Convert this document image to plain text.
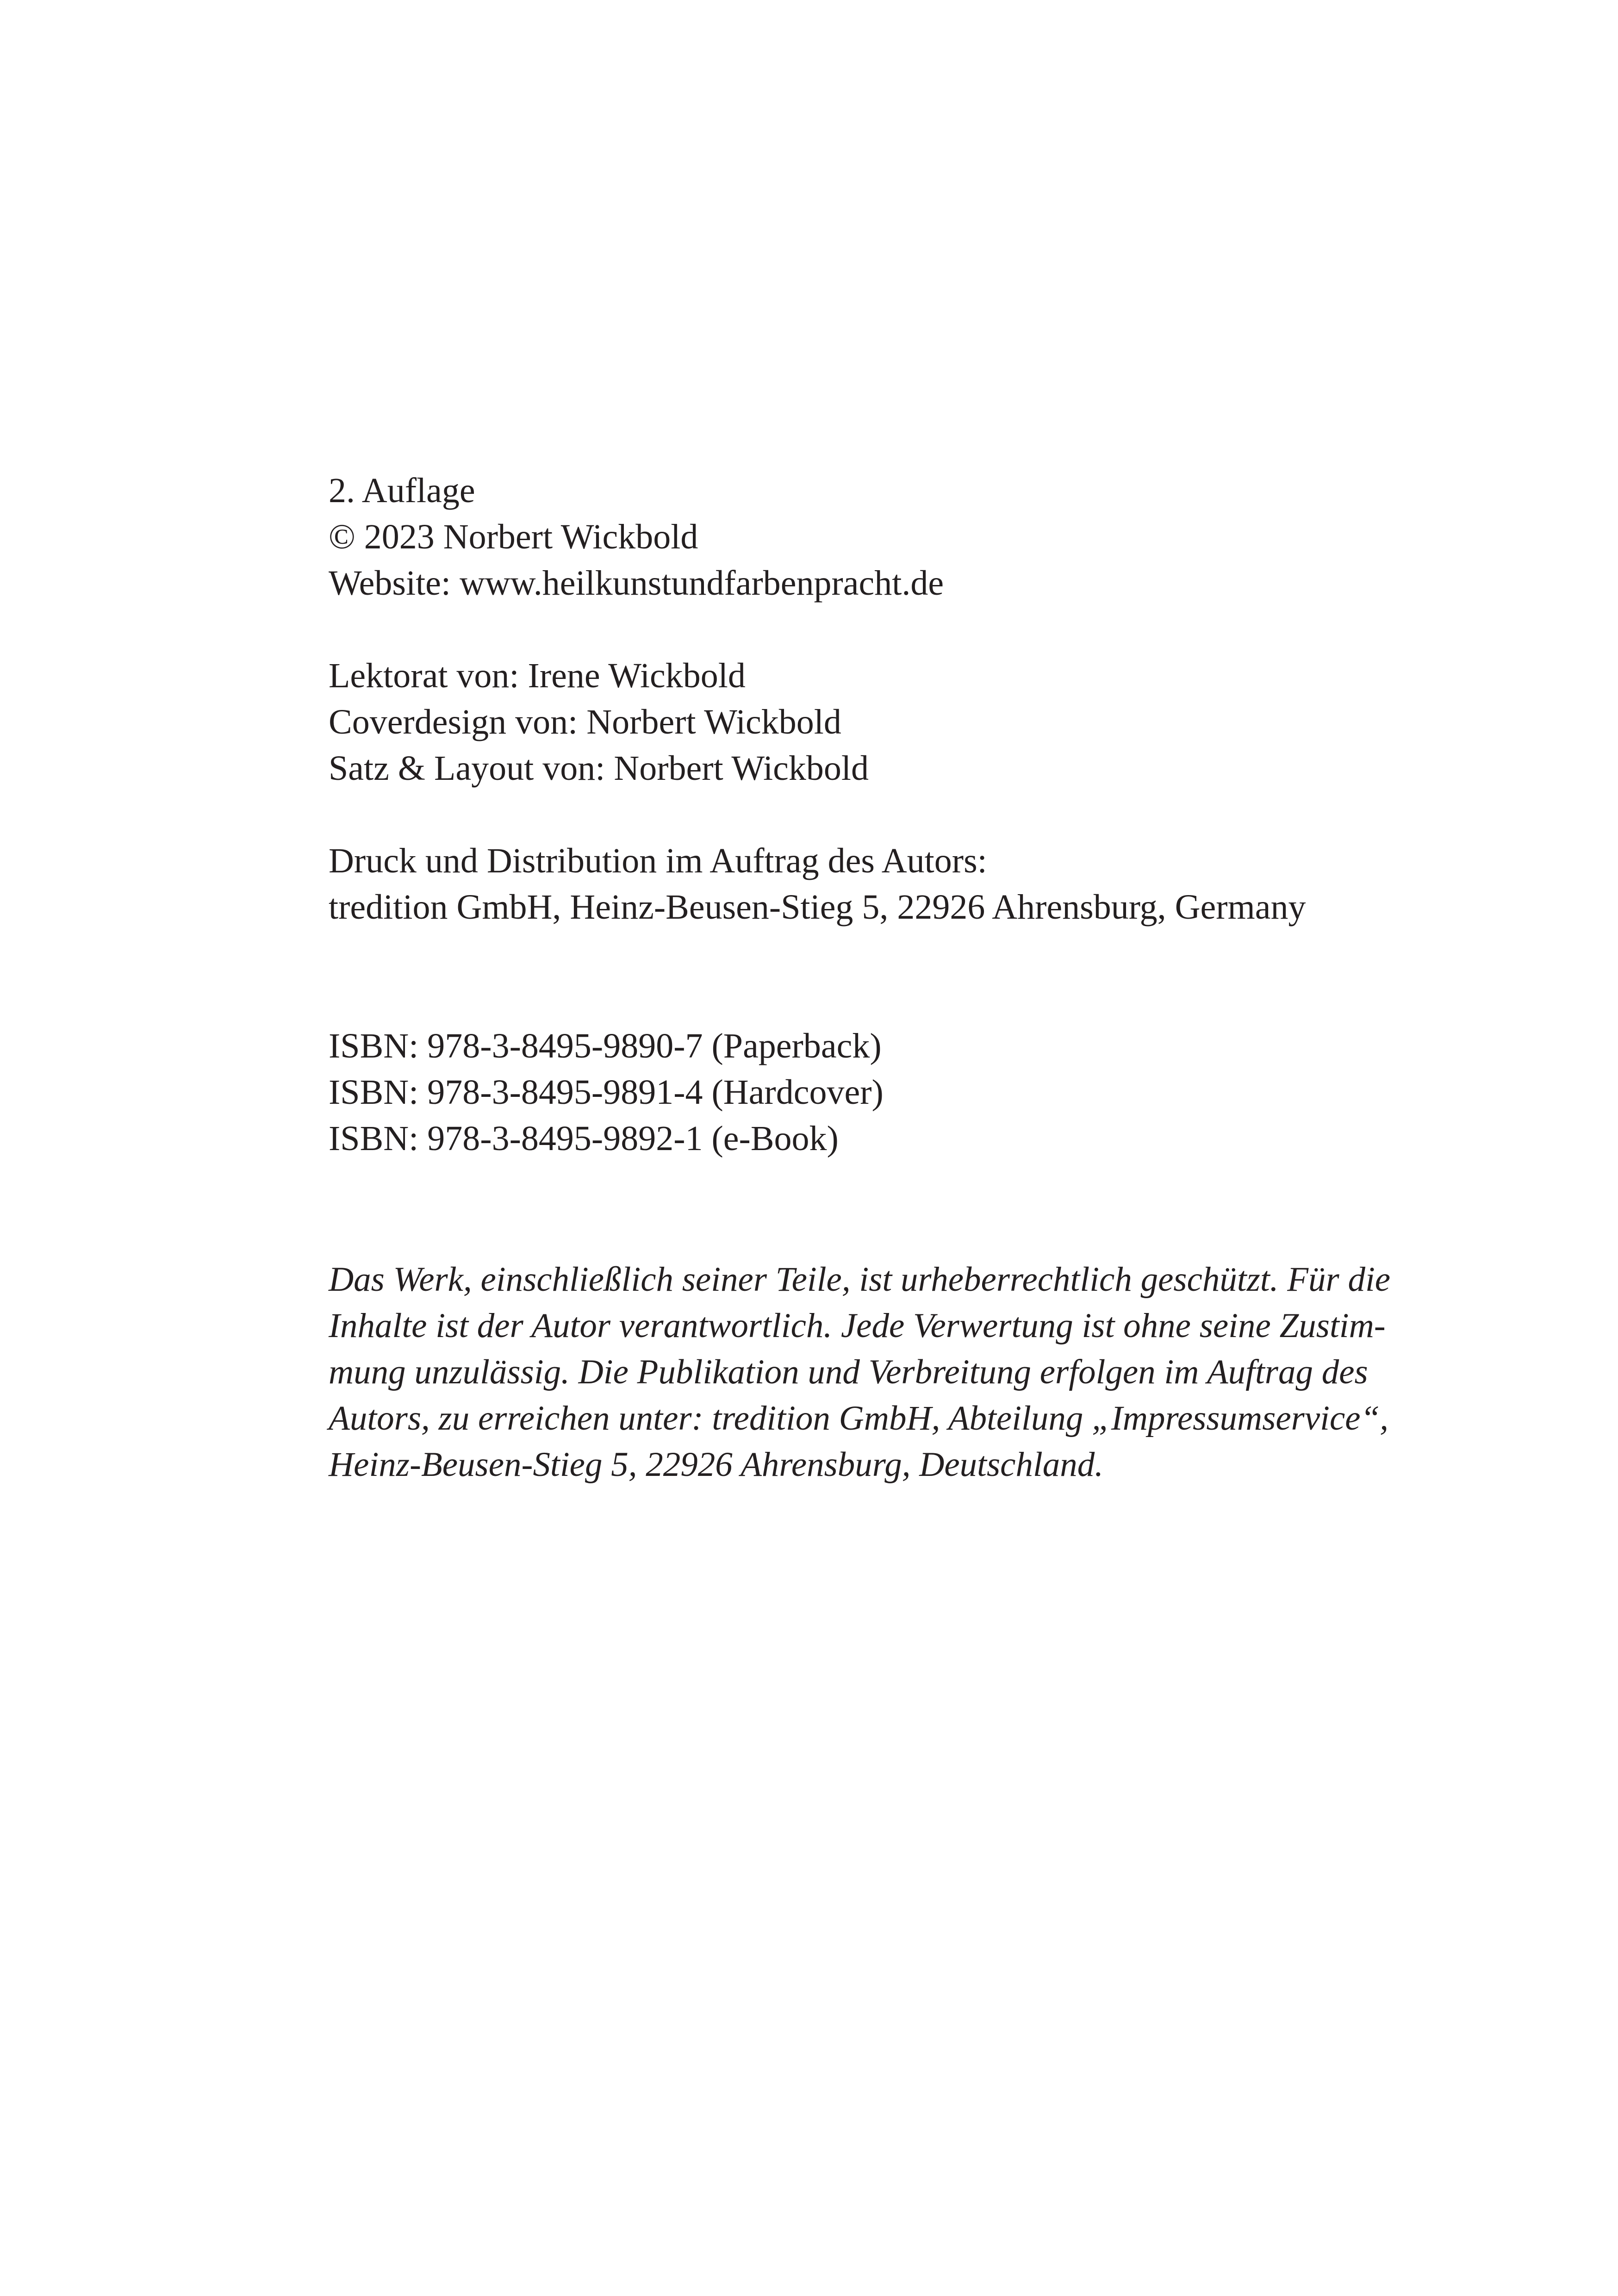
2. Auflage
© 2023 Norbert Wickbold
Website: www.heilkunstundfarbenpracht.de
Lektorat von: Irene Wickbold
Coverdesign von: Norbert Wickbold
Satz & Layout von: Norbert Wickbold
Druck und Distribution im Auftrag des Autors:
tredition GmbH, Heinz-Beusen-Stieg 5, 22926 Ahrensburg, Germany
ISBN: 978-3-8495-9890-7 (Paperback)
ISBN: 978-3-8495-9891-4 (Hardcover)
ISBN: 978-3-8495-9892-1 (e-Book)
Das Werk, einschließlich seiner Teile, ist urheberrechtlich geschützt. Für die
Inhalte ist der Autor verantwortlich. Jede Verwertung ist ohne seine Zustim-
mung unzulässig. Die Publikation und Verbreitung erfolgen im Auftrag des
Autors, zu erreichen unter: tredition GmbH, Abteilung „Impressumservice“,
Heinz-Beusen-Stieg 5, 22926 Ahrensburg, Deutschland.
